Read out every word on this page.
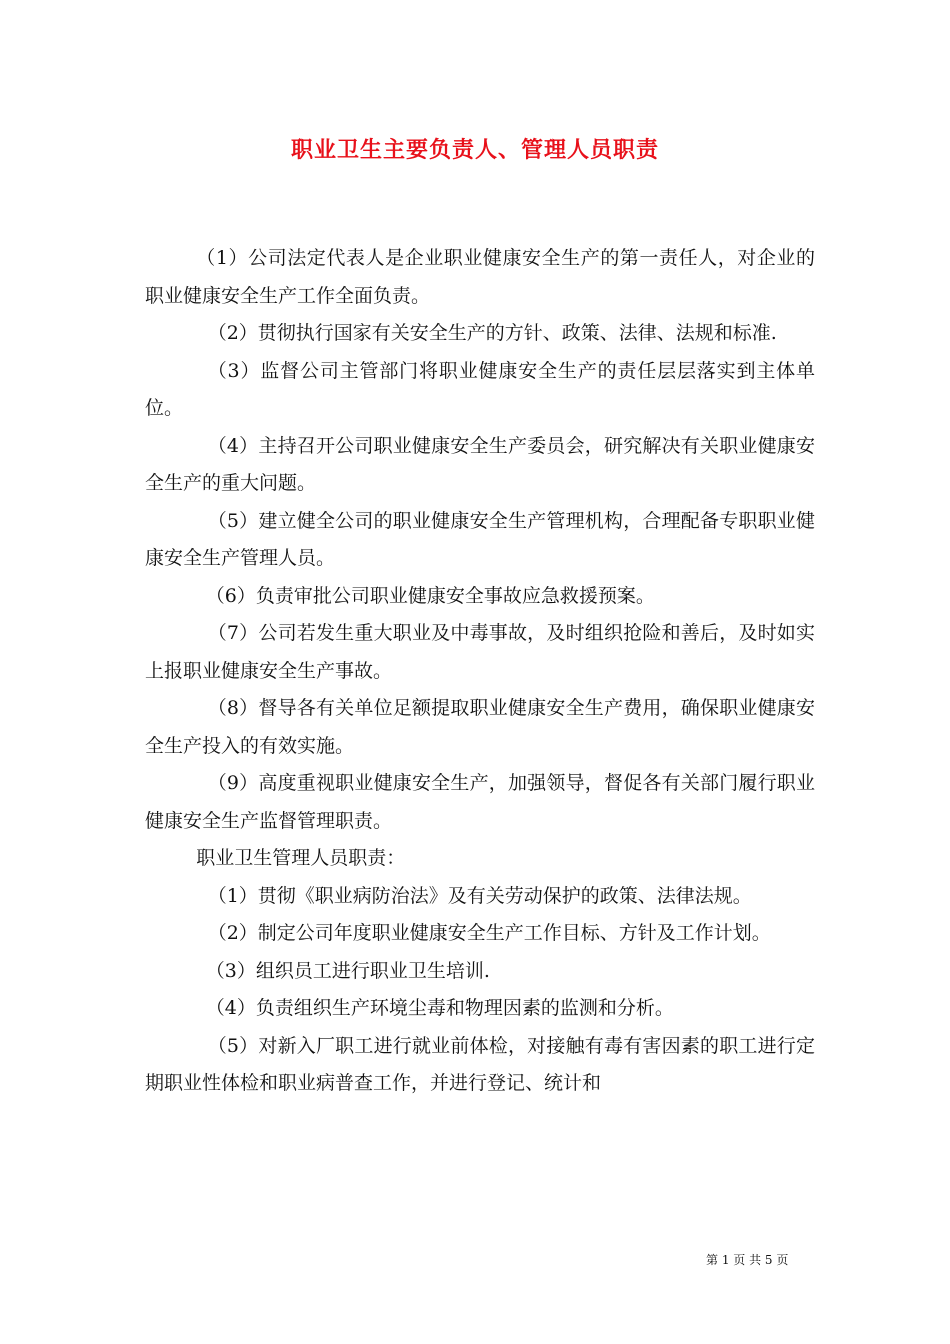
职业卫生主要负责人、管理人员职责

（1）公司法定代表人是企业职业健康安全生产的第一责任人，对企业的职业健康安全生产工作全面负责。

（2）贯彻执行国家有关安全生产的方针、政策、法律、法规和标准.

（3）监督公司主管部门将职业健康安全生产的责任层层落实到主体单位。

（4）主持召开公司职业健康安全生产委员会，研究解决有关职业健康安全生产的重大问题。

（5）建立健全公司的职业健康安全生产管理机构，合理配备专职职业健康安全生产管理人员。

（6）负责审批公司职业健康安全事故应急救援预案。

（7）公司若发生重大职业及中毒事故，及时组织抢险和善后，及时如实上报职业健康安全生产事故。

（8）督导各有关单位足额提取职业健康安全生产费用，确保职业健康安全生产投入的有效实施。

（9）高度重视职业健康安全生产，加强领导，督促各有关部门履行职业健康安全生产监督管理职责。

职业卫生管理人员职责：

（1）贯彻《职业病防治法》及有关劳动保护的政策、法律法规。

（2）制定公司年度职业健康安全生产工作目标、方针及工作计划。

（3）组织员工进行职业卫生培训.

（4）负责组织生产环境尘毒和物理因素的监测和分析。

（5）对新入厂职工进行就业前体检，对接触有毒有害因素的职工进行定期职业性体检和职业病普查工作，并进行登记、统计和

第 1 页 共 5 页
